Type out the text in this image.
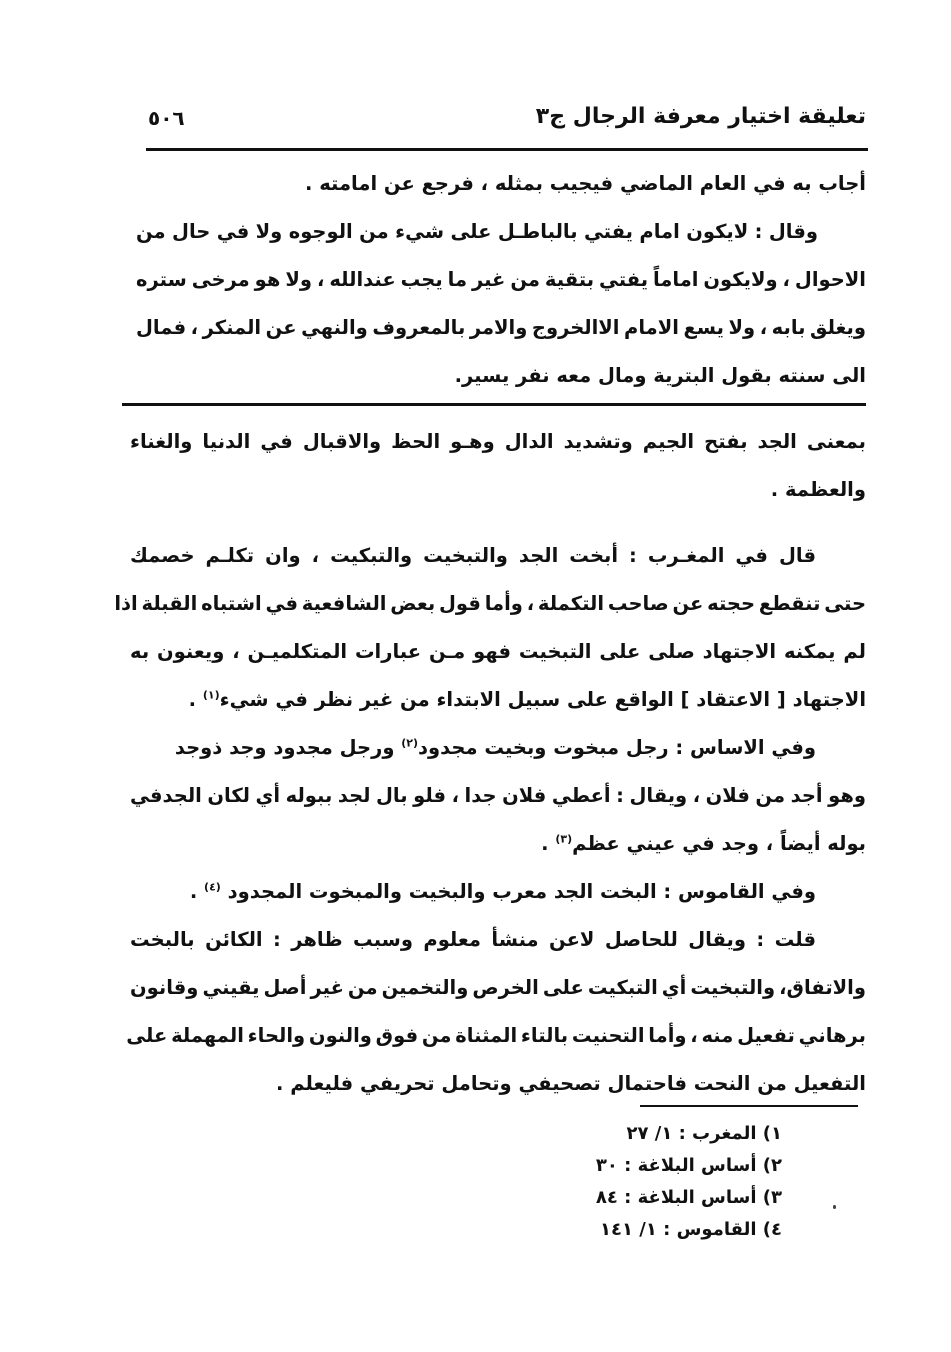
تعليقة اختيار معرفة الرجال ج٣
٥٠٦
أجاب به في العام الماضي فيجيب بمثله ، فرجع عن امامته .
وقال : لايكون امام يفتي بالباطـل على شيء من الوجوه ولا في حال من
الاحوال ، ولايكون اماماً يفتي بتقية من غير ما يجب عندالله ، ولا هو مرخى ستره
ويغلق بابه ، ولا يسع الامام الاالخروج والامر بالمعروف والنهي عن المنكر ، فمال
الى سنته بقول البترية ومال معه نفر يسير.
بمعنى الجد بفتح الجيم وتشديد الدال وهـو الحظ والاقبال في الدنيا والغناء
والعظمة .
قال في المغـرب : أبخت الجد والتبخيت والتبكيت ، وان تكلـم خصمك
حتى تنقطع حجته عن صاحب التكملة ، وأما قول بعض الشافعية في اشتباه القبلة اذا
لم يمكنه الاجتهاد صلى على التبخيت فهو مـن عبارات المتكلميـن ، ويعنون به
الاجتهاد [ الاعتقاد ] الواقع على سبيل الابتداء من غير نظر في شيء$^{(١)}$ .
وفي الاساس : رجل مبخوت وبخيت مجدود$^{(٢)}$ ورجل مجدود وجد ذوجد
وهو أجد من فلان ، ويقال : أعطي فلان جدا ، فلو بال لجد ببوله أي لكان الجدفي
بوله أيضاً ، وجد في عيني عظم$^{(٣)}$ .
وفي القاموس : البخت الجد معرب والبخيت والمبخوت المجدود $^{(٤)}$ .
قلت : ويقال للحاصل لاعن منشأ معلوم وسبب ظاهر : الكائن بالبخت
والاتفاق، والتبخيت أي التبكيت على الخرص والتخمين من غير أصل يقيني وقانون
برهاني تفعيل منه ، وأما التحنيت بالتاء المثناة من فوق والنون والحاء المهملة على
التفعيل من النحت فاحتمال تصحيفي وتحامل تحريفي فليعلم .
١) المغرب : ١/ ٢٧
٢) أساس البلاغة : ٣٠
٣) أساس البلاغة : ٨٤
٤) القاموس : ١/ ١٤١
